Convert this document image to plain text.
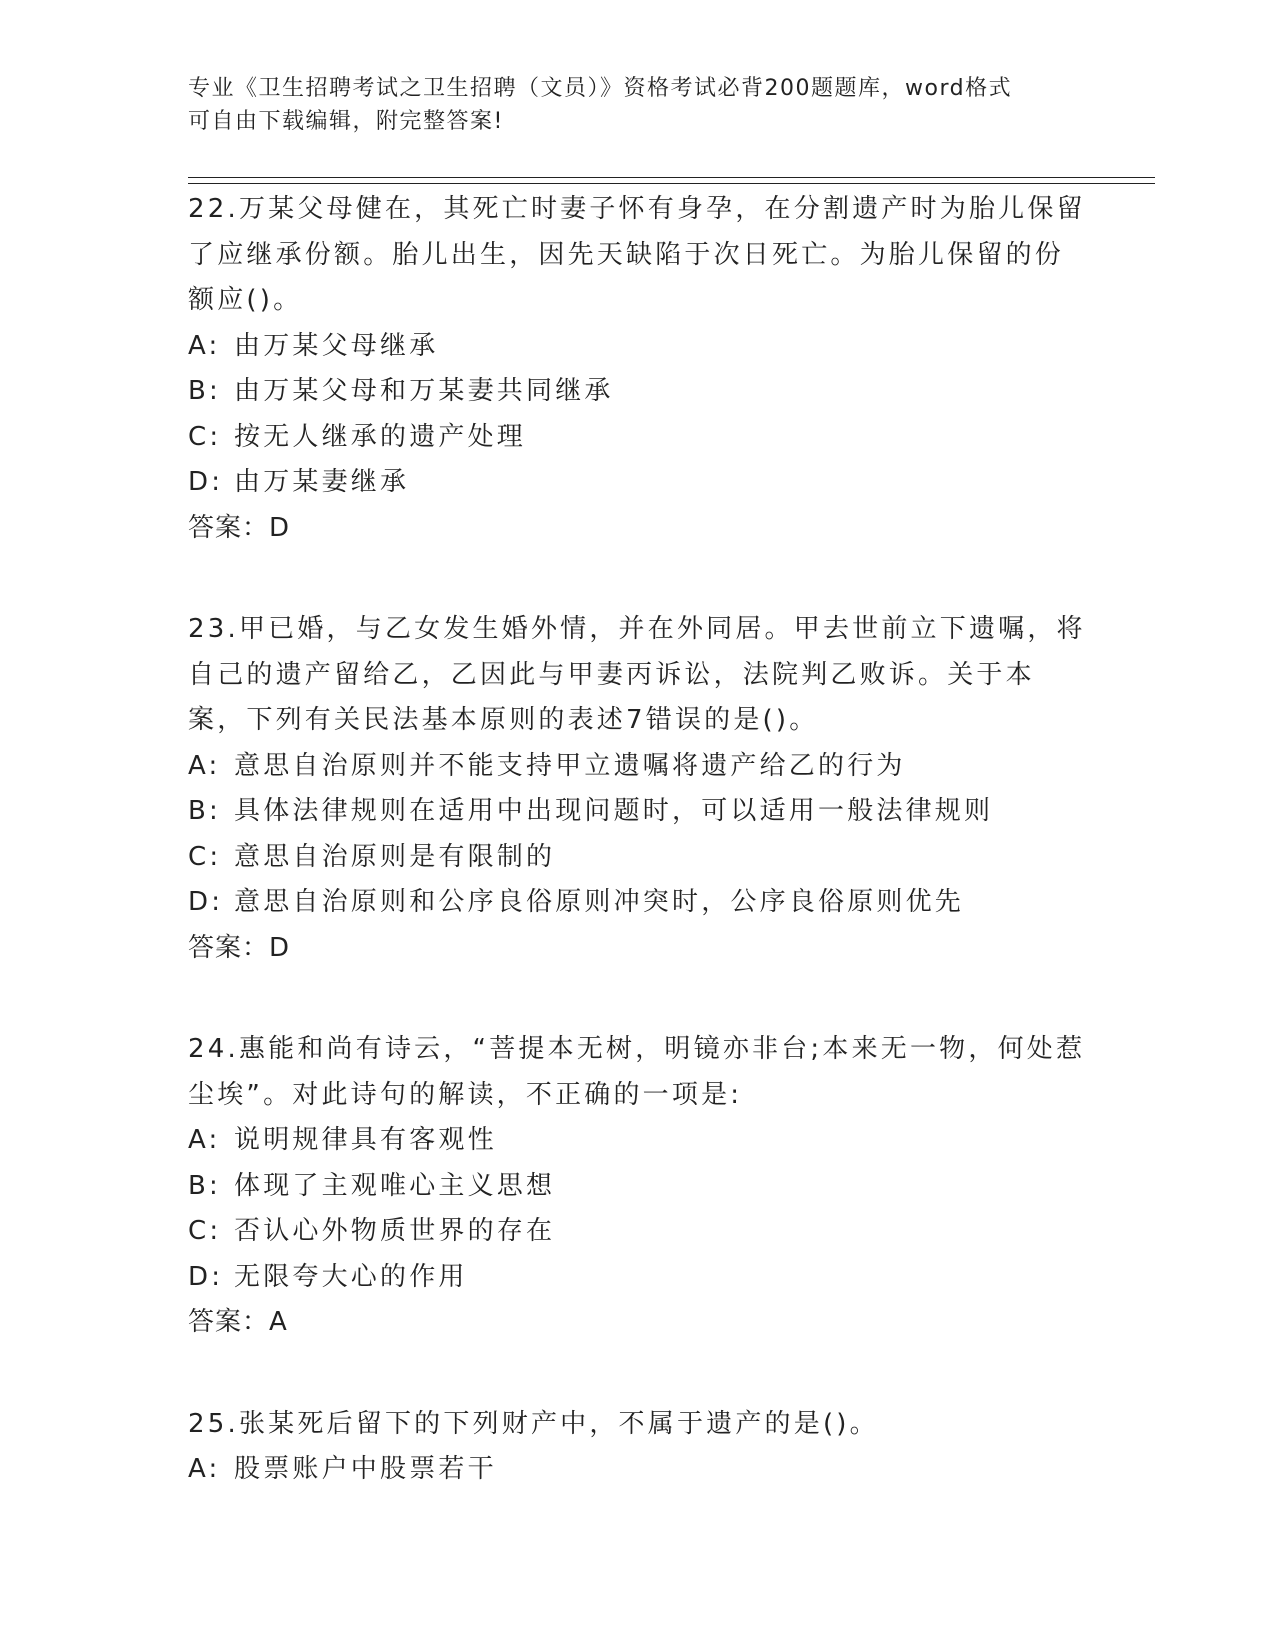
专业《卫生招聘考试之卫生招聘（文员）》资格考试必背200题题库，word格式
可自由下载编辑，附完整答案!

22.万某父母健在，其死亡时妻子怀有身孕，在分割遗产时为胎儿保留了应继承份额。胎儿出生，因先天缺陷于次日死亡。为胎儿保留的份额应()。

A: 由万某父母继承
B: 由万某父母和万某妻共同继承
C: 按无人继承的遗产处理
D: 由万某妻继承

答案：D

23.甲已婚，与乙女发生婚外情，并在外同居。甲去世前立下遗嘱，将自己的遗产留给乙，乙因此与甲妻丙诉讼，法院判乙败诉。关于本案，下列有关民法基本原则的表述7错误的是()。

A: 意思自治原则并不能支持甲立遗嘱将遗产给乙的行为
B: 具体法律规则在适用中出现问题时，可以适用一般法律规则
C: 意思自治原则是有限制的
D: 意思自治原则和公序良俗原则冲突时，公序良俗原则优先

答案：D

24.惠能和尚有诗云，“菩提本无树，明镜亦非台;本来无一物，何处惹尘埃”。对此诗句的解读，不正确的一项是:

A: 说明规律具有客观性
B: 体现了主观唯心主义思想
C: 否认心外物质世界的存在
D: 无限夸大心的作用

答案：A

25.张某死后留下的下列财产中，不属于遗产的是()。

A: 股票账户中股票若干
